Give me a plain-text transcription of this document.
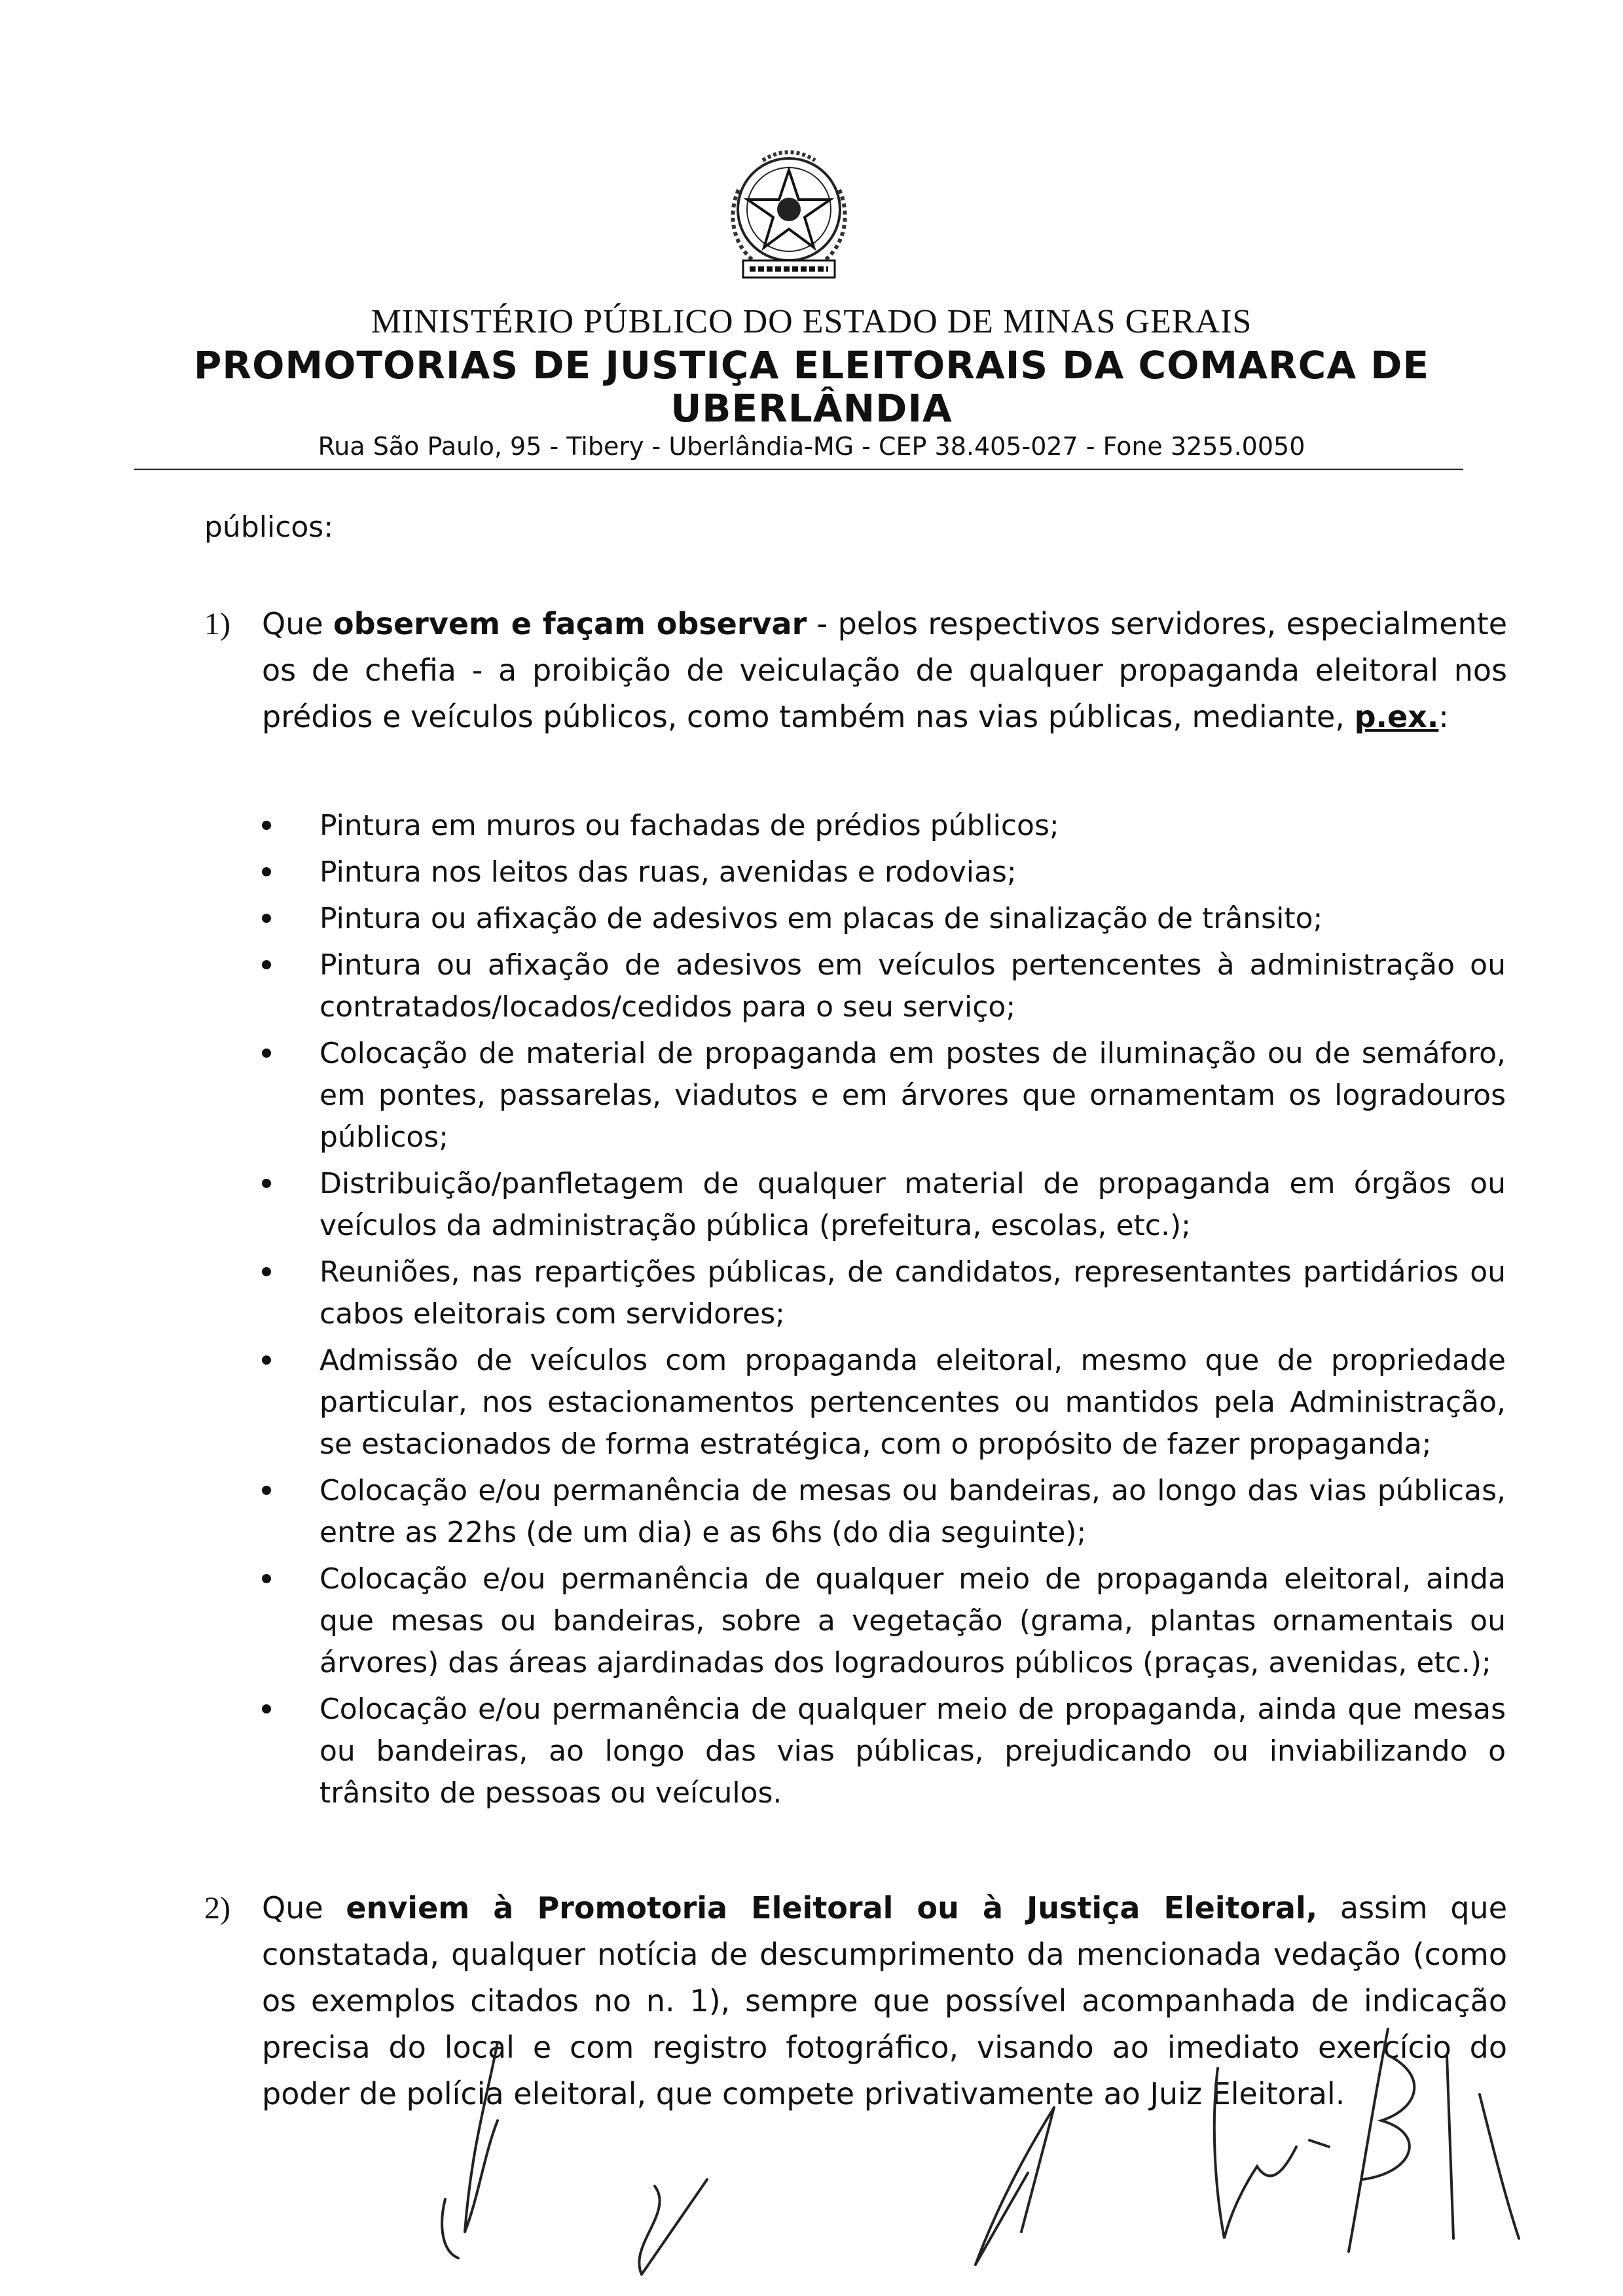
MINISTÉRIO PÚBLICO DO ESTADO DE MINAS GERAIS
PROMOTORIAS DE JUSTIÇA ELEITORAIS DA COMARCA DE
UBERLÂNDIA
Rua São Paulo, 95 - Tibery - Uberlândia-MG - CEP 38.405-027 - Fone 3255.0050
públicos:
1) Que observem e façam observar - pelos respectivos servidores, especialmente os de chefia - a proibição de veiculação de qualquer propaganda eleitoral nos prédios e veículos públicos, como também nas vias públicas, mediante, p.ex.:
Pintura em muros ou fachadas de prédios públicos;
Pintura nos leitos das ruas, avenidas e rodovias;
Pintura ou afixação de adesivos em placas de sinalização de trânsito;
Pintura ou afixação de adesivos em veículos pertencentes à administração ou contratados/locados/cedidos para o seu serviço;
Colocação de material de propaganda em postes de iluminação ou de semáforo, em pontes, passarelas, viadutos e em árvores que ornamentam os logradouros públicos;
Distribuição/panfletagem de qualquer material de propaganda em órgãos ou veículos da administração pública (prefeitura, escolas, etc.);
Reuniões, nas repartições públicas, de candidatos, representantes partidários ou cabos eleitorais com servidores;
Admissão de veículos com propaganda eleitoral, mesmo que de propriedade particular, nos estacionamentos pertencentes ou mantidos pela Administração, se estacionados de forma estratégica, com o propósito de fazer propaganda;
Colocação e/ou permanência de mesas ou bandeiras, ao longo das vias públicas, entre as 22hs (de um dia) e as 6hs (do dia seguinte);
Colocação e/ou permanência de qualquer meio de propaganda eleitoral, ainda que mesas ou bandeiras, sobre a vegetação (grama, plantas ornamentais ou árvores) das áreas ajardinadas dos logradouros públicos (praças, avenidas, etc.);
Colocação e/ou permanência de qualquer meio de propaganda, ainda que mesas ou bandeiras, ao longo das vias públicas, prejudicando ou inviabilizando o trânsito de pessoas ou veículos.
2) Que enviem à Promotoria Eleitoral ou à Justiça Eleitoral, assim que constatada, qualquer notícia de descumprimento da mencionada vedação (como os exemplos citados no n. 1), sempre que possível acompanhada de indicação precisa do local e com registro fotográfico, visando ao imediato exercício do poder de polícia eleitoral, que compete privativamente ao Juiz Eleitoral.
